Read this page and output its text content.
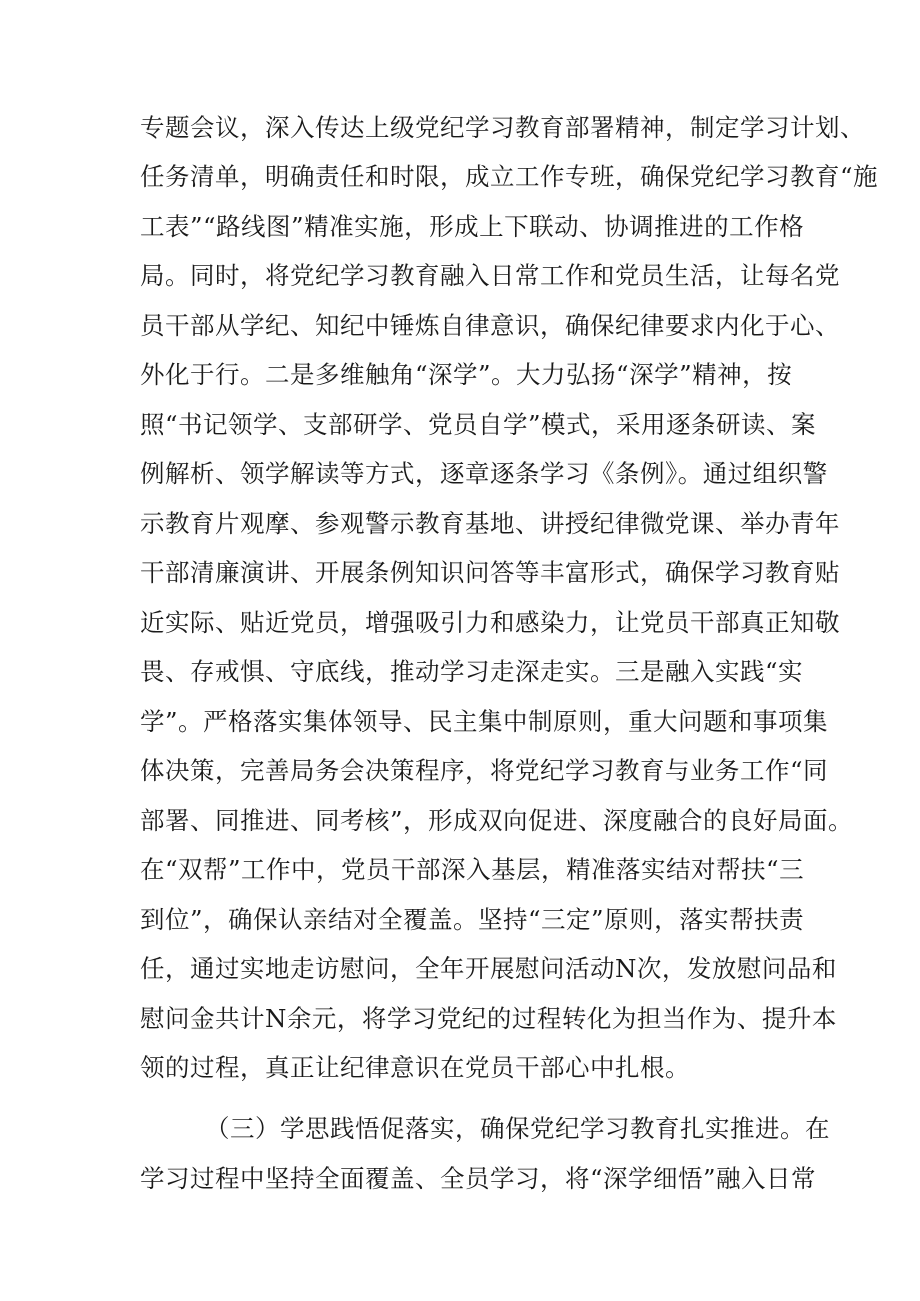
专题会议，深入传达上级党纪学习教育部署精神，制定学习计划、
任务清单，明确责任和时限，成立工作专班，确保党纪学习教育“施
工表”“路线图”精准实施，形成上下联动、协调推进的工作格
局。同时，将党纪学习教育融入日常工作和党员生活，让每名党
员干部从学纪、知纪中锤炼自律意识，确保纪律要求内化于心、
外化于行。二是多维触角“深学”。大力弘扬“深学”精神，按
照“书记领学、支部研学、党员自学”模式，采用逐条研读、案
例解析、领学解读等方式，逐章逐条学习《条例》。通过组织警
示教育片观摩、参观警示教育基地、讲授纪律微党课、举办青年
干部清廉演讲、开展条例知识问答等丰富形式，确保学习教育贴
近实际、贴近党员，增强吸引力和感染力，让党员干部真正知敬
畏、存戒惧、守底线，推动学习走深走实。三是融入实践“实
学”。严格落实集体领导、民主集中制原则，重大问题和事项集
体决策，完善局务会决策程序，将党纪学习教育与业务工作“同
部署、同推进、同考核”，形成双向促进、深度融合的良好局面。
在“双帮”工作中，党员干部深入基层，精准落实结对帮扶“三
到位”，确保认亲结对全覆盖。坚持“三定”原则，落实帮扶责
任，通过实地走访慰问，全年开展慰问活动N次，发放慰问品和
慰问金共计N余元，将学习党纪的过程转化为担当作为、提升本
领的过程，真正让纪律意识在党员干部心中扎根。
（三）学思践悟促落实，确保党纪学习教育扎实推进。在
学习过程中坚持全面覆盖、全员学习，将“深学细悟”融入日常
